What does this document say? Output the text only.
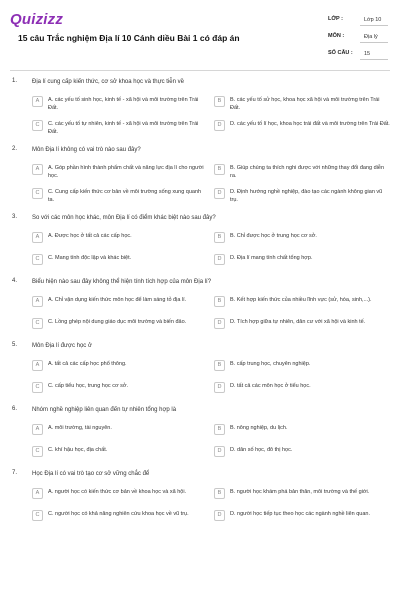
Quizizz
15 câu Trắc nghiệm Địa lí 10 Cánh diều Bài 1 có đáp án
LỚP :	Lớp 10
MÔN :	Địa lý
SỐ CÂU :	15
1. Địa lí cung cấp kiến thức, cơ sở khoa học và thực tiễn về
A	A. các yếu tố sinh học, kinh tế - xã hội và môi trường trên Trái Đất.
B	B. các yếu tố sử học, khoa học xã hội và môi trường trên Trái Đất.
C	C. các yếu tố tự nhiên, kinh tế - xã hội và môi trường trên Trái Đất.
D	D. các yếu tố lí học, khoa học trái đất và môi trường trên Trái Đất.
2. Môn Địa lí không có vai trò nào sau đây?
A	A. Góp phần hình thành phẩm chất và năng lực địa lí cho người học.
B	B. Giúp chúng ta thích nghi được với những thay đổi đang diễn ra.
C	C. Cung cấp kiến thức cơ bản về môi trường sống xung quanh ta.
D	D. Định hướng nghề nghiệp, đào tạo các ngành không gian vũ trụ.
3. So với các môn học khác, môn Địa lí có điểm khác biệt nào sau đây?
A	A. Được học ở tất cả các cấp học.	B	B. Chỉ được học ở trung học cơ sở.
C	C. Mang tính độc lập và khác biệt.	D	D. Địa lí mang tính chất tổng hợp.
4. Biểu hiện nào sau đây không thể hiện tính tích hợp của môn Địa lí?
A	A. Chỉ vận dụng kiến thức môn học để làm sáng tỏ địa lí.	B	B. Kết hợp kiến thức của nhiều lĩnh vực (sử, hóa, sinh,...).
C	C. Lồng ghép nội dung giáo dục môi trường và biến đảo.	D	D. Tích hợp giữa tự nhiên, dân cư với xã hội và kinh tế.
5. Môn Địa lí được học ở
A	A. tất cả các cấp học phổ thông.	B	B. cấp trung học, chuyên nghiệp.
C	C. cấp tiểu học, trung học cơ sở.	D	D. tất cả các môn học ở tiểu học.
6. Nhóm nghề nghiệp liên quan đến tự nhiên tổng hợp là
A	A. môi trường, tài nguyên.	B	B. nông nghiệp, du lịch.
C	C. khí hậu học, địa chất.	D	D. dân số học, đô thị học.
7. Học Địa lí có vai trò tạo cơ sở vững chắc để
A	A. người học có kiến thức cơ bản về khoa học và xã hội.	B	B. người học khám phá bản thân, môi trường và thế giới.
C	C. người học có khả năng nghiên cứu khoa học về vũ trụ.	D	D. người học tiếp tục theo học các ngành nghề liên quan.
